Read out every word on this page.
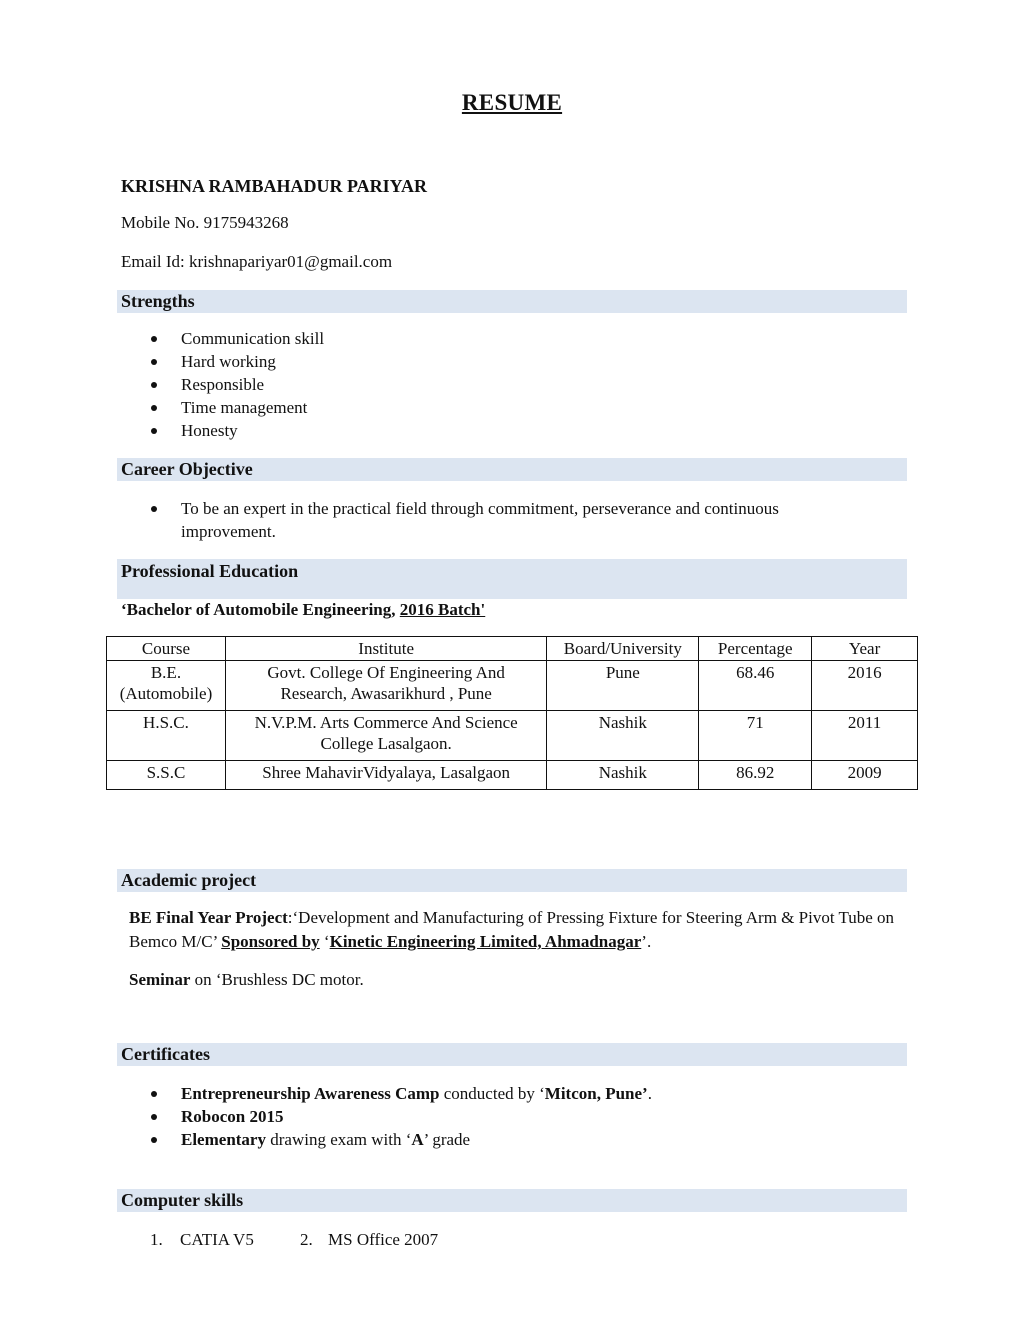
RESUME
KRISHNA RAMBAHADUR PARIYAR
Mobile No. 9175943268
Email Id: krishnapariyar01@gmail.com
Strengths
Communication skill
Hard working
Responsible
Time management
Honesty
Career Objective
To be an expert in the practical field through commitment, perseverance and continuous improvement.
Professional Education
‘Bachelor of Automobile Engineering, 2016 Batch'
Course	Institute	Board/University	Percentage	Year
B.E. (Automobile)	Govt. College Of Engineering And Research, Awasarikhurd , Pune	Pune	68.46	2016
H.S.C.	N.V.P.M. Arts Commerce And Science College Lasalgaon.	Nashik	71	2011
S.S.C	Shree MahavirVidyalaya, Lasalgaon	Nashik	86.92	2009
Academic project
BE Final Year Project:‘Development and Manufacturing of Pressing Fixture for Steering Arm & Pivot Tube on Bemco M/C’ Sponsored by ‘Kinetic Engineering Limited, Ahmadnagar’.
Seminar on ‘Brushless DC motor.
Certificates
Entrepreneurship Awareness Camp conducted by ‘Mitcon, Pune’.
Robocon 2015
Elementary drawing exam with ‘A’ grade
Computer skills
1. CATIA V5	2. MS Office 2007
